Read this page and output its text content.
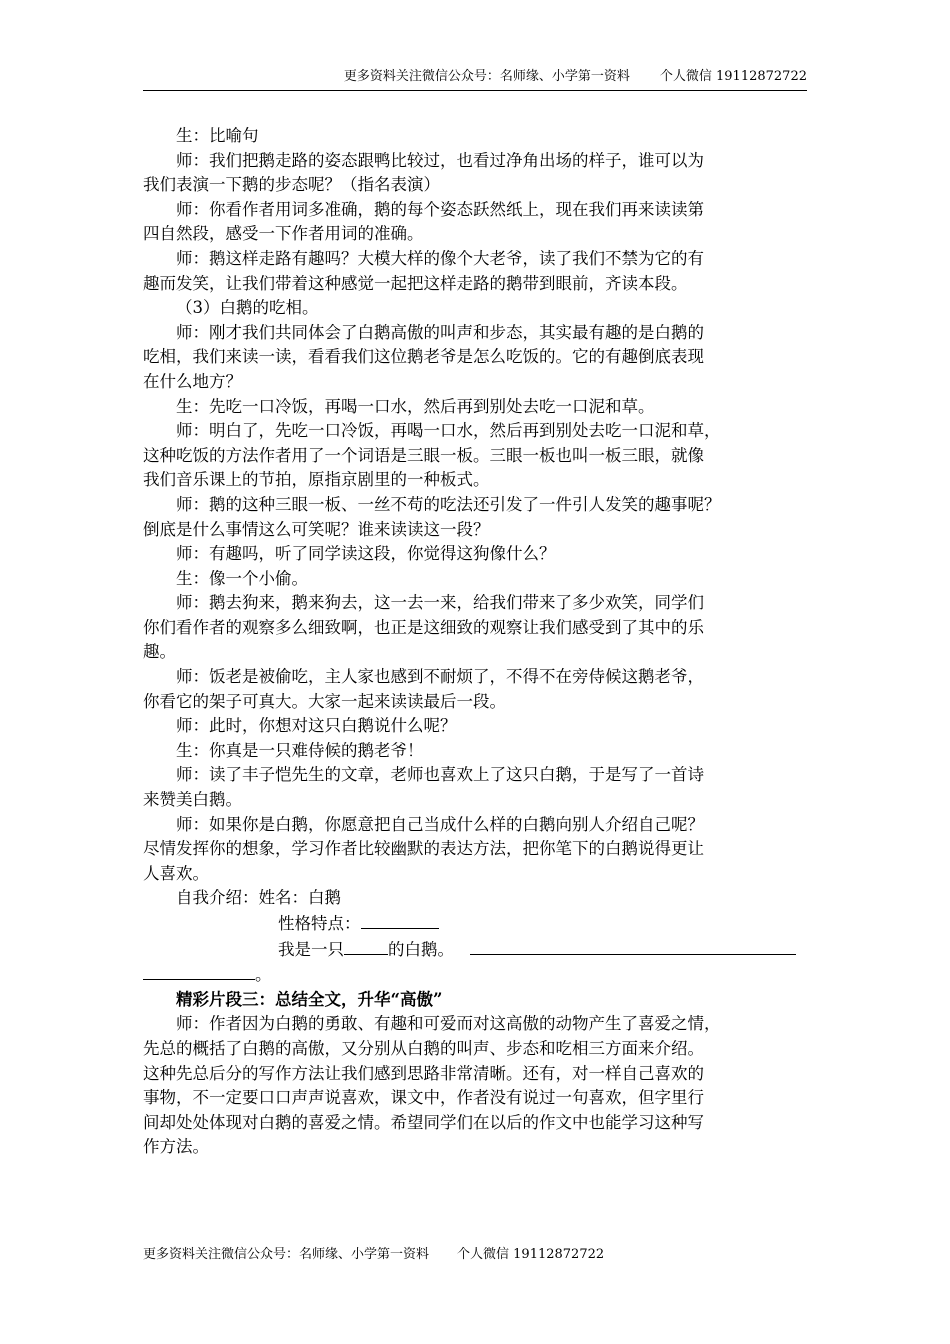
更多资料关注微信公众号：名师缘、小学第一资料 个人微信 19112872722
生：比喻句
师：我们把鹅走路的姿态跟鸭比较过，也看过净角出场的样子，谁可以为
我们表演一下鹅的步态呢？（指名表演）
师：你看作者用词多准确，鹅的每个姿态跃然纸上，现在我们再来读读第
四自然段，感受一下作者用词的准确。
师：鹅这样走路有趣吗？大模大样的像个大老爷，读了我们不禁为它的有
趣而发笑，让我们带着这种感觉一起把这样走路的鹅带到眼前，齐读本段。
（3）白鹅的吃相。
师：刚才我们共同体会了白鹅高傲的叫声和步态，其实最有趣的是白鹅的
吃相，我们来读一读，看看我们这位鹅老爷是怎么吃饭的。它的有趣倒底表现
在什么地方？
生：先吃一口冷饭，再喝一口水，然后再到别处去吃一口泥和草。
师：明白了，先吃一口冷饭，再喝一口水，然后再到别处去吃一口泥和草，
这种吃饭的方法作者用了一个词语是三眼一板。三眼一板也叫一板三眼，就像
我们音乐课上的节拍，原指京剧里的一种板式。
师：鹅的这种三眼一板、一丝不苟的吃法还引发了一件引人发笑的趣事呢？
倒底是什么事情这么可笑呢？谁来读读这一段？
师：有趣吗，听了同学读这段，你觉得这狗像什么？
生：像一个小偷。
师：鹅去狗来，鹅来狗去，这一去一来，给我们带来了多少欢笑，同学们
你们看作者的观察多么细致啊，也正是这细致的观察让我们感受到了其中的乐
趣。
师：饭老是被偷吃，主人家也感到不耐烦了，不得不在旁侍候这鹅老爷，
你看它的架子可真大。大家一起来读读最后一段。
师：此时，你想对这只白鹅说什么呢？
生：你真是一只难侍候的鹅老爷！
师：读了丰子恺先生的文章，老师也喜欢上了这只白鹅，于是写了一首诗
来赞美白鹅。
师：如果你是白鹅，你愿意把自己当成什么样的白鹅向别人介绍自己呢？
尽情发挥你的想象，学习作者比较幽默的表达方法，把你笔下的白鹅说得更让
人喜欢。
自我介绍：姓名：白鹅
性格特点：
我是一只	的白鹅。
。

精彩片段三：总结全文，升华“高傲”

师：作者因为白鹅的勇敢、有趣和可爱而对这高傲的动物产生了喜爱之情，

先总的概括了白鹅的高傲，又分别从白鹅的叫声、步态和吃相三方面来介绍。
这种先总后分的写作方法让我们感到思路非常清晰。还有，对一样自己喜欢的
事物，不一定要口口声声说喜欢，课文中，作者没有说过一句喜欢，但字里行
间却处处体现对白鹅的喜爱之情。希望同学们在以后的作文中也能学习这种写
作方法。
更多资料关注微信公众号：名师缘、小学第一资料 个人微信 19112872722
